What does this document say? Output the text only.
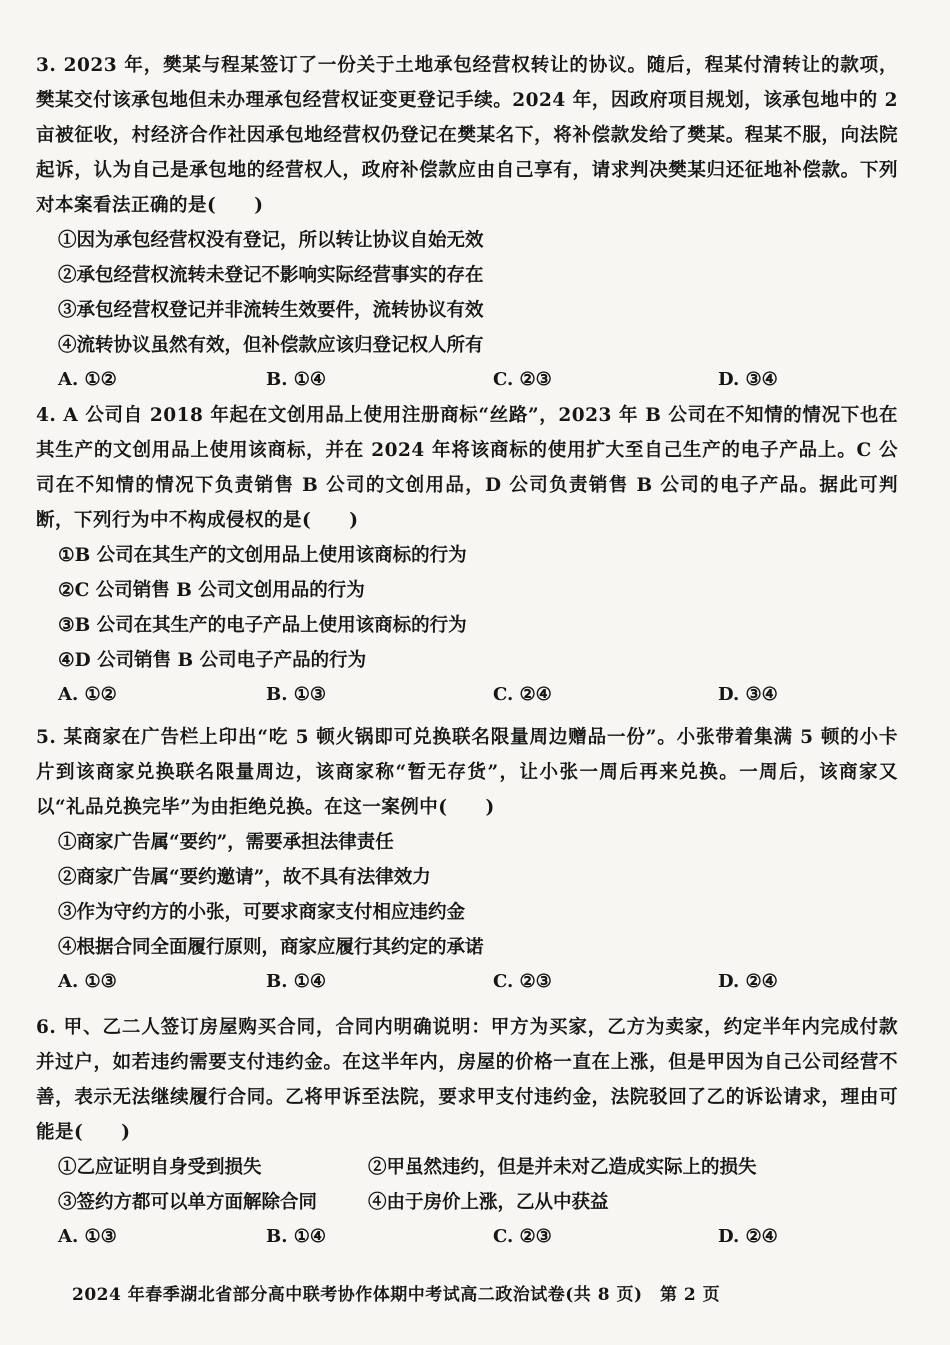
3. 2023 年，樊某与程某签订了一份关于土地承包经营权转让的协议。随后，程某付清转让的款项，樊某交付该承包地但未办理承包经营权证变更登记手续。2024 年，因政府项目规划，该承包地中的 2 亩被征收，村经济合作社因承包地经营权仍登记在樊某名下，将补偿款发给了樊某。程某不服，向法院起诉，认为自己是承包地的经营权人，政府补偿款应由自己享有，请求判决樊某归还征地补偿款。下列对本案看法正确的是(　　)

①因为承包经营权没有登记，所以转让协议自始无效

②承包经营权流转未登记不影响实际经营事实的存在

③承包经营权登记并非流转生效要件，流转协议有效

④流转协议虽然有效，但补偿款应该归登记权人所有

A. ①②	B. ①④	C. ②③	D. ③④

4. A 公司自 2018 年起在文创用品上使用注册商标“丝路”，2023 年 B 公司在不知情的情况下也在其生产的文创用品上使用该商标，并在 2024 年将该商标的使用扩大至自己生产的电子产品上。C 公司在不知情的情况下负责销售 B 公司的文创用品，D 公司负责销售 B 公司的电子产品。据此可判断，下列行为中不构成侵权的是(　　)

①B 公司在其生产的文创用品上使用该商标的行为

②C 公司销售 B 公司文创用品的行为

③B 公司在其生产的电子产品上使用该商标的行为

④D 公司销售 B 公司电子产品的行为

A. ①②	B. ①③	C. ②④	D. ③④

5. 某商家在广告栏上印出“吃 5 顿火锅即可兑换联名限量周边赠品一份”。小张带着集满 5 顿的小卡片到该商家兑换联名限量周边，该商家称“暂无存货”，让小张一周后再来兑换。一周后，该商家又以“礼品兑换完毕”为由拒绝兑换。在这一案例中(　　)

①商家广告属“要约”，需要承担法律责任

②商家广告属“要约邀请”，故不具有法律效力

③作为守约方的小张，可要求商家支付相应违约金

④根据合同全面履行原则，商家应履行其约定的承诺

A. ①③	B. ①④	C. ②③	D. ②④

6. 甲、乙二人签订房屋购买合同，合同内明确说明：甲方为买家，乙方为卖家，约定半年内完成付款并过户，如若违约需要支付违约金。在这半年内，房屋的价格一直在上涨，但是甲因为自己公司经营不善，表示无法继续履行合同。乙将甲诉至法院，要求甲支付违约金，法院驳回了乙的诉讼请求，理由可能是(　　)

①乙应证明自身受到损失	②甲虽然违约，但是并未对乙造成实际上的损失
③签约方都可以单方面解除合同	④由于房价上涨，乙从中获益
A. ①③	B. ①④	C. ②③	D. ②④
2024 年春季湖北省部分高中联考协作体期中考试高二政治试卷(共 8 页)　第 2 页
